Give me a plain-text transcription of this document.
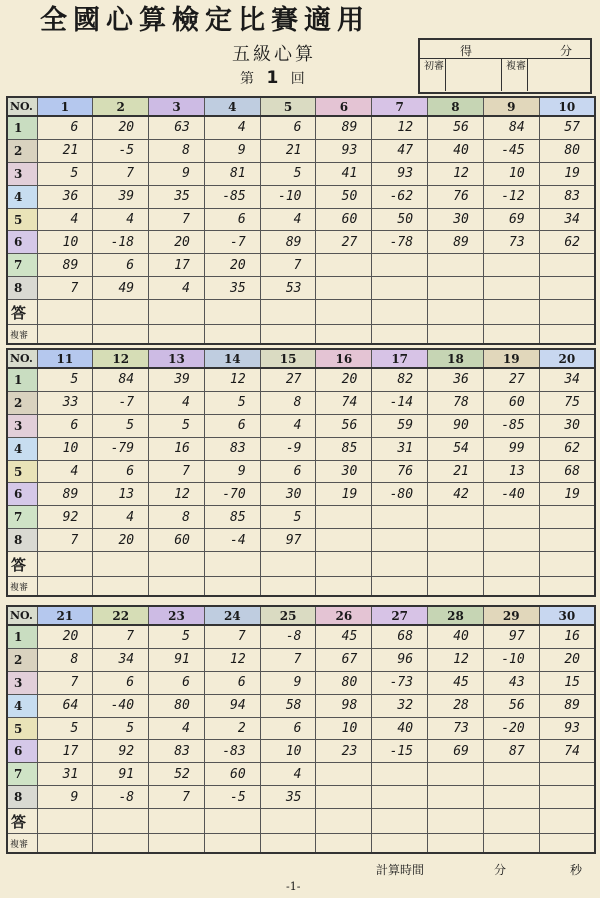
全國心算檢定比賽適用
五級心算
第 1 回
得	分
初審	複審
NO.	1	2	3	4	5	6	7	8	9	10
1	6	20	63	4	6	89	12	56	84	57
2	21	-5	8	9	21	93	47	40	-45	80
3	5	7	9	81	5	41	93	12	10	19
4	36	39	35	-85	-10	50	-62	76	-12	83
5	4	4	7	6	4	60	50	30	69	34
6	10	-18	20	-7	89	27	-78	89	73	62
7	89	6	17	20	7					
8	7	49	4	35	53					
答										
複審										
NO.	11	12	13	14	15	16	17	18	19	20
1	5	84	39	12	27	20	82	36	27	34
2	33	-7	4	5	8	74	-14	78	60	75
3	6	5	5	6	4	56	59	90	-85	30
4	10	-79	16	83	-9	85	31	54	99	62
5	4	6	7	9	6	30	76	21	13	68
6	89	13	12	-70	30	19	-80	42	-40	19
7	92	4	8	85	5					
8	7	20	60	-4	97					
答										
複審										
NO.	21	22	23	24	25	26	27	28	29	30
1	20	7	5	7	-8	45	68	40	97	16
2	8	34	91	12	7	67	96	12	-10	20
3	7	6	6	6	9	80	-73	45	43	15
4	64	-40	80	94	58	98	32	28	56	89
5	5	5	4	2	6	10	40	73	-20	93
6	17	92	83	-83	10	23	-15	69	87	74
7	31	91	52	60	4					
8	9	-8	7	-5	35					
答										
複審										
計算時間	分	秒
-1-
